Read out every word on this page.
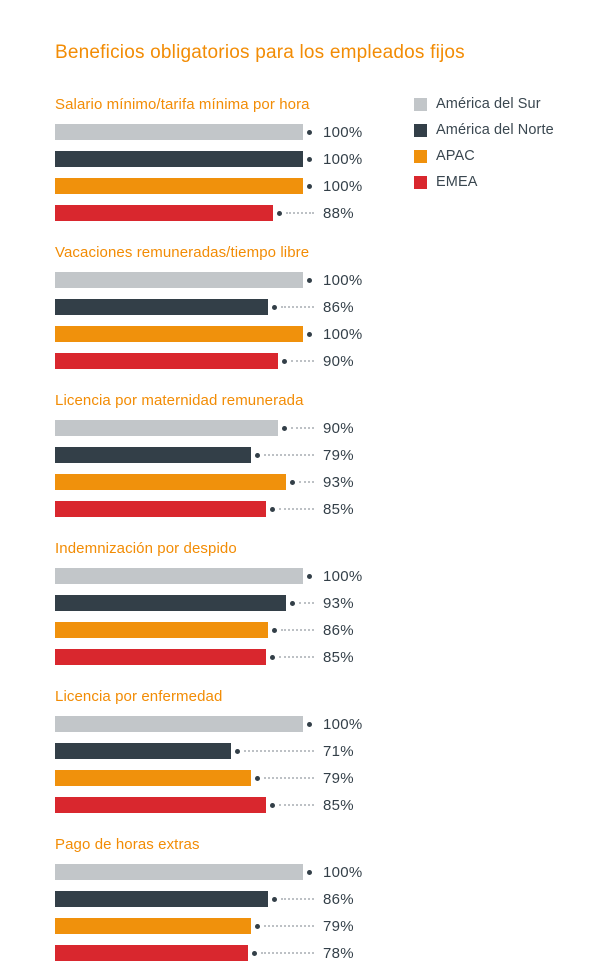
Beneficios obligatorios para los empleados fijos
Salario mínimo/tarifa mínima por hora
100%
100%
100%
88%
Vacaciones remuneradas/tiempo libre
100%
86%
100%
90%
Licencia por maternidad remunerada
90%
79%
93%
85%
Indemnización por despido
100%
93%
86%
85%
Licencia por enfermedad
100%
71%
79%
85%
Pago de horas extras
100%
86%
79%
78%
América del Sur
América del Norte
APAC
EMEA
